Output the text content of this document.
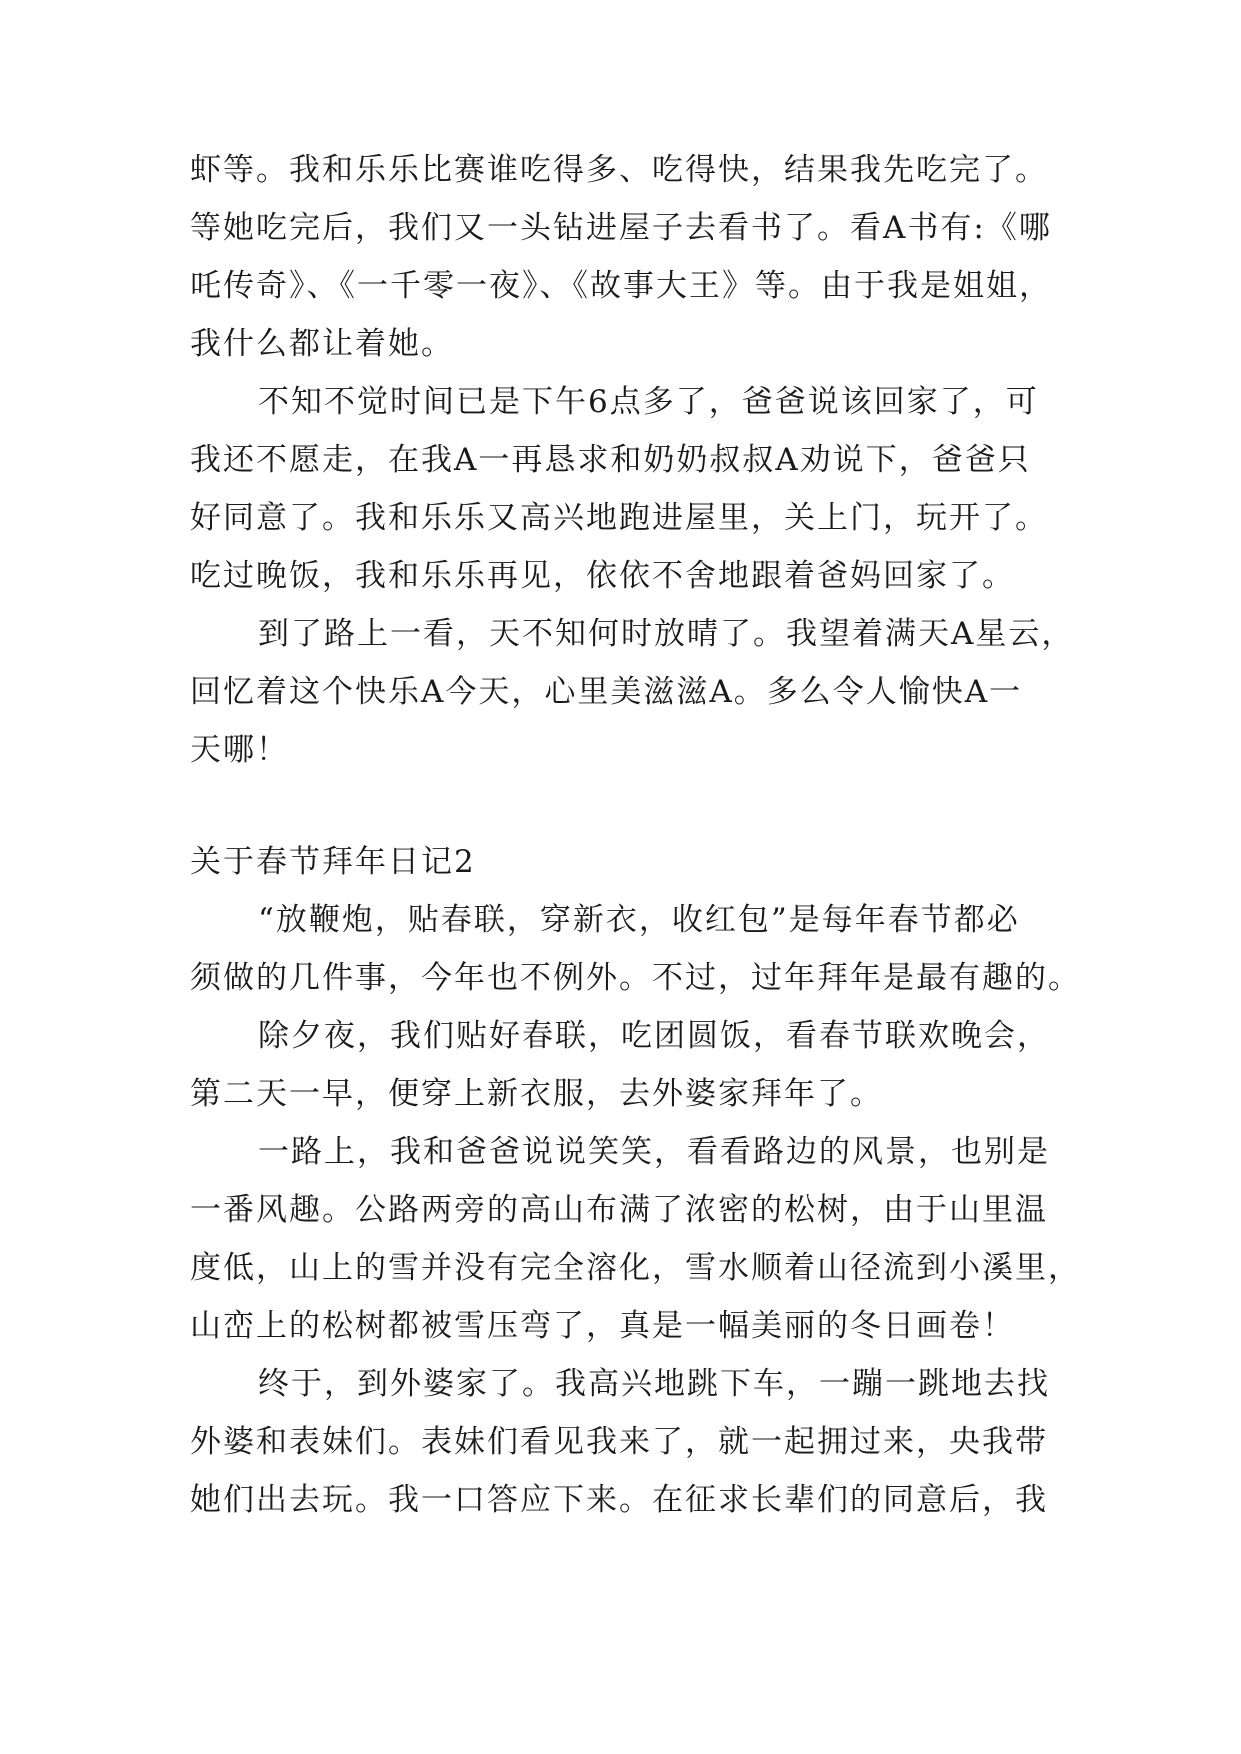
虾等。我和乐乐比赛谁吃得多、吃得快，结果我先吃完了。
等她吃完后，我们又一头钻进屋子去看书了。看A书有:《哪
吒传奇》、《一千零一夜》、《故事大王》等。由于我是姐姐，
我什么都让着她。
不知不觉时间已是下午6点多了，爸爸说该回家了，可
我还不愿走，在我A一再恳求和奶奶叔叔A劝说下，爸爸只
好同意了。我和乐乐又高兴地跑进屋里，关上门，玩开了。
吃过晚饭，我和乐乐再见，依依不舍地跟着爸妈回家了。
到了路上一看，天不知何时放晴了。我望着满天A星云，
回忆着这个快乐A今天，心里美滋滋A。多么令人愉快A一
天哪！
关于春节拜年日记2
“放鞭炮，贴春联，穿新衣，收红包”是每年春节都必
须做的几件事，今年也不例外。不过，过年拜年是最有趣的。
除夕夜，我们贴好春联，吃团圆饭，看春节联欢晚会，
第二天一早，便穿上新衣服，去外婆家拜年了。
一路上，我和爸爸说说笑笑，看看路边的风景，也别是
一番风趣。公路两旁的高山布满了浓密的松树，由于山里温
度低，山上的雪并没有完全溶化，雪水顺着山径流到小溪里，
山峦上的松树都被雪压弯了，真是一幅美丽的冬日画卷！
终于，到外婆家了。我高兴地跳下车，一蹦一跳地去找
外婆和表妹们。表妹们看见我来了，就一起拥过来，央我带
她们出去玩。我一口答应下来。在征求长辈们的同意后，我
